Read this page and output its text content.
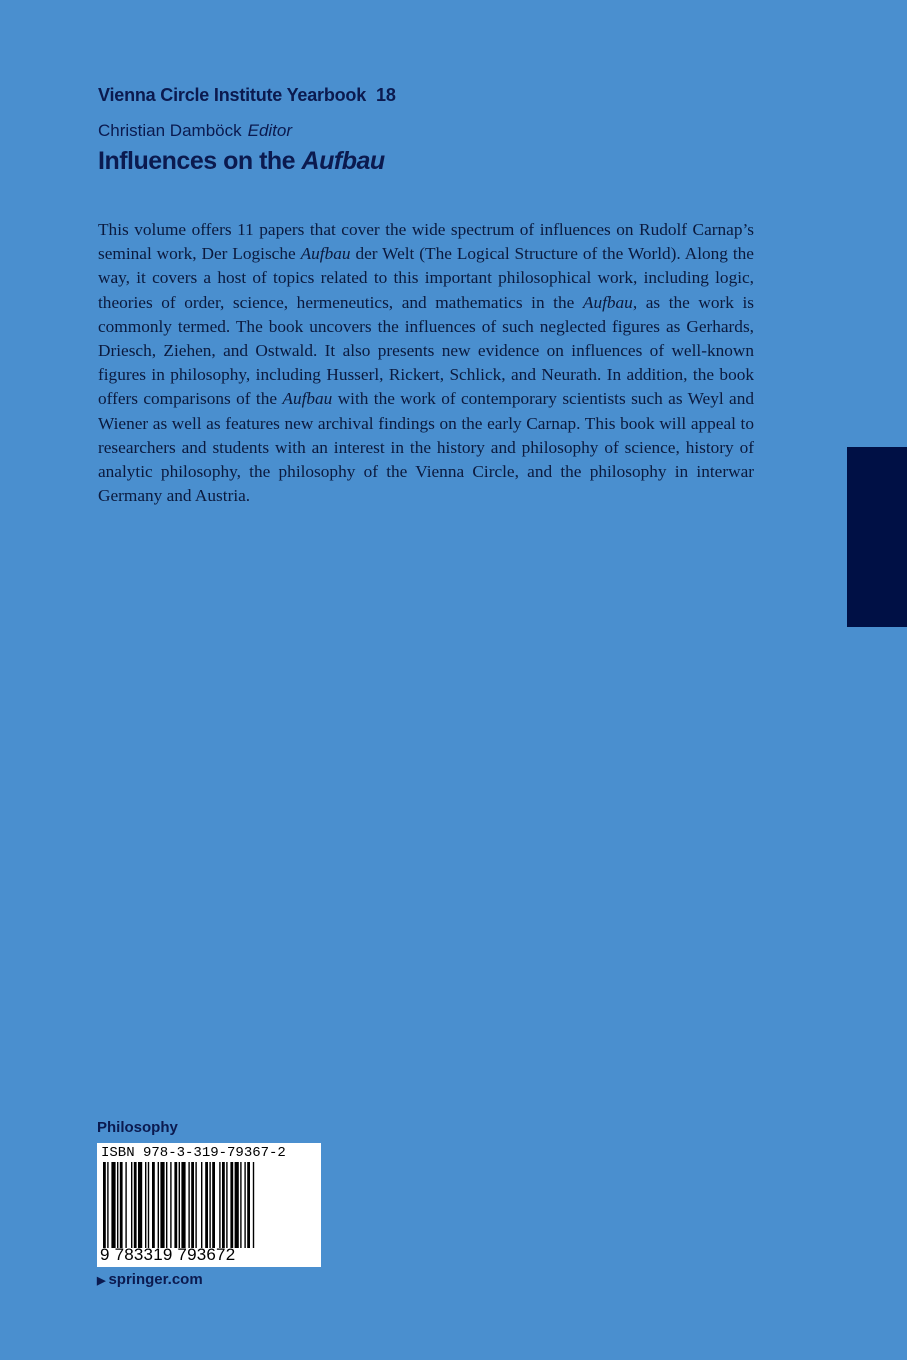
Vienna Circle Institute Yearbook 18
Christian Damböck Editor
Influences on the Aufbau
This volume offers 11 papers that cover the wide spectrum of influences on Rudolf Carnap’s seminal work, Der Logische Aufbau der Welt (The Logical Structure of the World). Along the way, it covers a host of topics related to this important philosophical work, including logic, theories of order, science, hermeneutics, and mathematics in the Aufbau, as the work is commonly termed. The book uncovers the influences of such neglected figures as Gerhards, Driesch, Ziehen, and Ostwald. It also presents new evidence on influences of well-known figures in philosophy, including Husserl, Rickert, Schlick, and Neurath. In addition, the book offers comparisons of the Aufbau with the work of contemporary scientists such as Weyl and Wiener as well as features new archival findings on the early Carnap. This book will appeal to researchers and students with an interest in the history and philosophy of science, history of analytic philosophy, the philosophy of the Vienna Circle, and the philosophy in interwar Germany and Austria.
Philosophy
ISBN 978-3-319-79367-2
9 783319 793672
▶ springer.com
